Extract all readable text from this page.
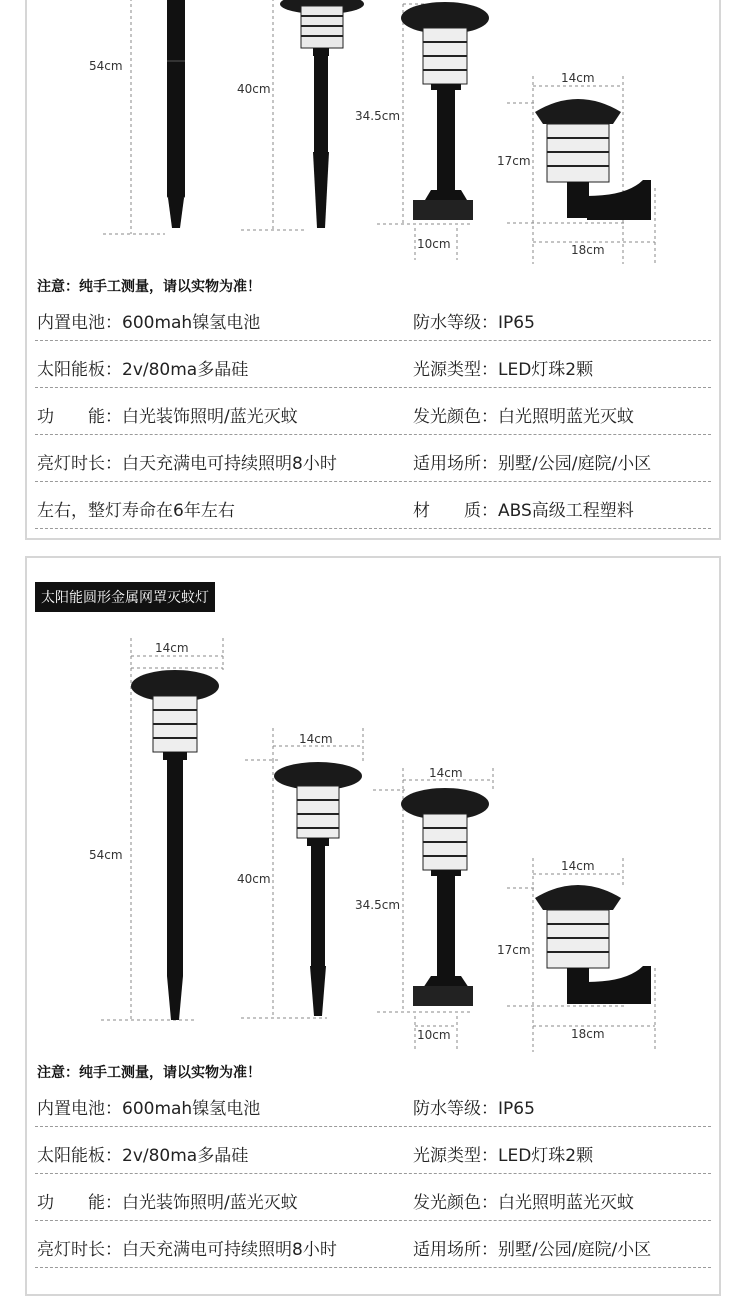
54cm
40cm
34.5cm
10cm
14cm
17cm
18cm
注意：纯手工测量，请以实物为准！
内置电池：600mah镍氢电池	防水等级：IP65
太阳能板：2v/80ma多晶硅	光源类型：LED灯珠2颗
功　　能：白光装饰照明/蓝光灭蚊	发光颜色：白光照明蓝光灭蚊
亮灯时长：白天充满电可持续照明8小时	适用场所：别墅/公园/庭院/小区
左右，整灯寿命在6年左右	材　　质：ABS高级工程塑料
14cm
54cm
14cm
40cm
14cm
34.5cm
10cm
14cm
17cm
18cm
太阳能圆形金属网罩灭蚊灯
注意：纯手工测量，请以实物为准！
内置电池：600mah镍氢电池	防水等级：IP65
太阳能板：2v/80ma多晶硅	光源类型：LED灯珠2颗
功　　能：白光装饰照明/蓝光灭蚊	发光颜色：白光照明蓝光灭蚊
亮灯时长：白天充满电可持续照明8小时	适用场所：别墅/公园/庭院/小区
